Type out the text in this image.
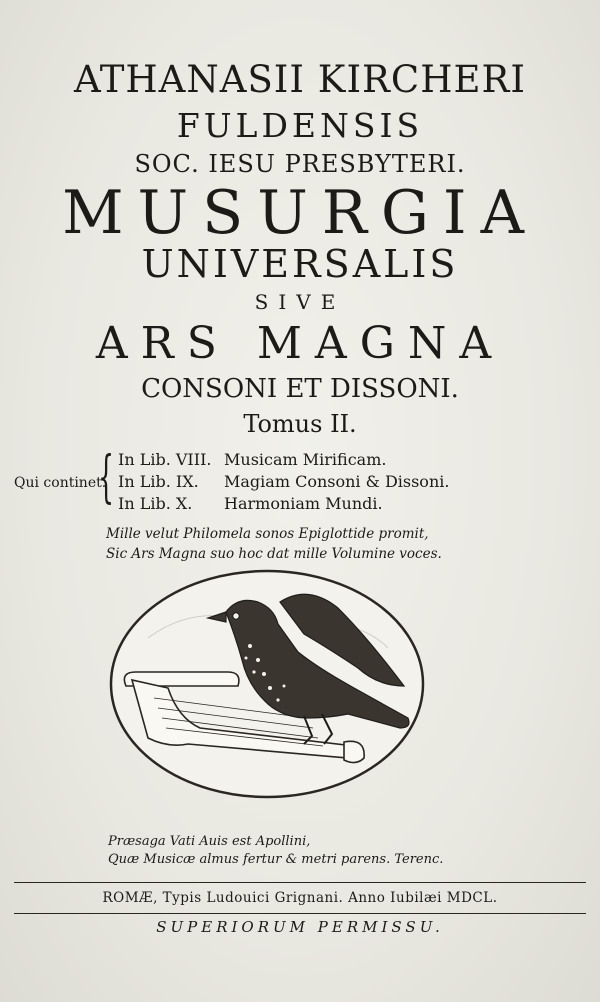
ATHANASII KIRCHERI
FULDENSIS
SOC. IESU PRESBYTERI.
MUSURGIA
UNIVERSALIS
SIVE
ARS MAGNA
CONSONI ET DISSONI.
Tomus II.
Qui continet.
{ In Lib. VIII. Musicam Mirificam.
In Lib. IX. Magiam Consoni & Dissoni.
In Lib. X. Harmoniam Mundi.
Mille velut Philomela sonos Epiglottide promit,
Sic Ars Magna suo hoc dat mille Volumine voces.
Præsaga Vati Auis est Apollini,
Quæ Musicæ almus fertur & metri parens. Terenc.
ROMÆ, Typis Ludouici Grignani. Anno Iubilæi MDCL.
SUPERIORUM PERMISSU.
